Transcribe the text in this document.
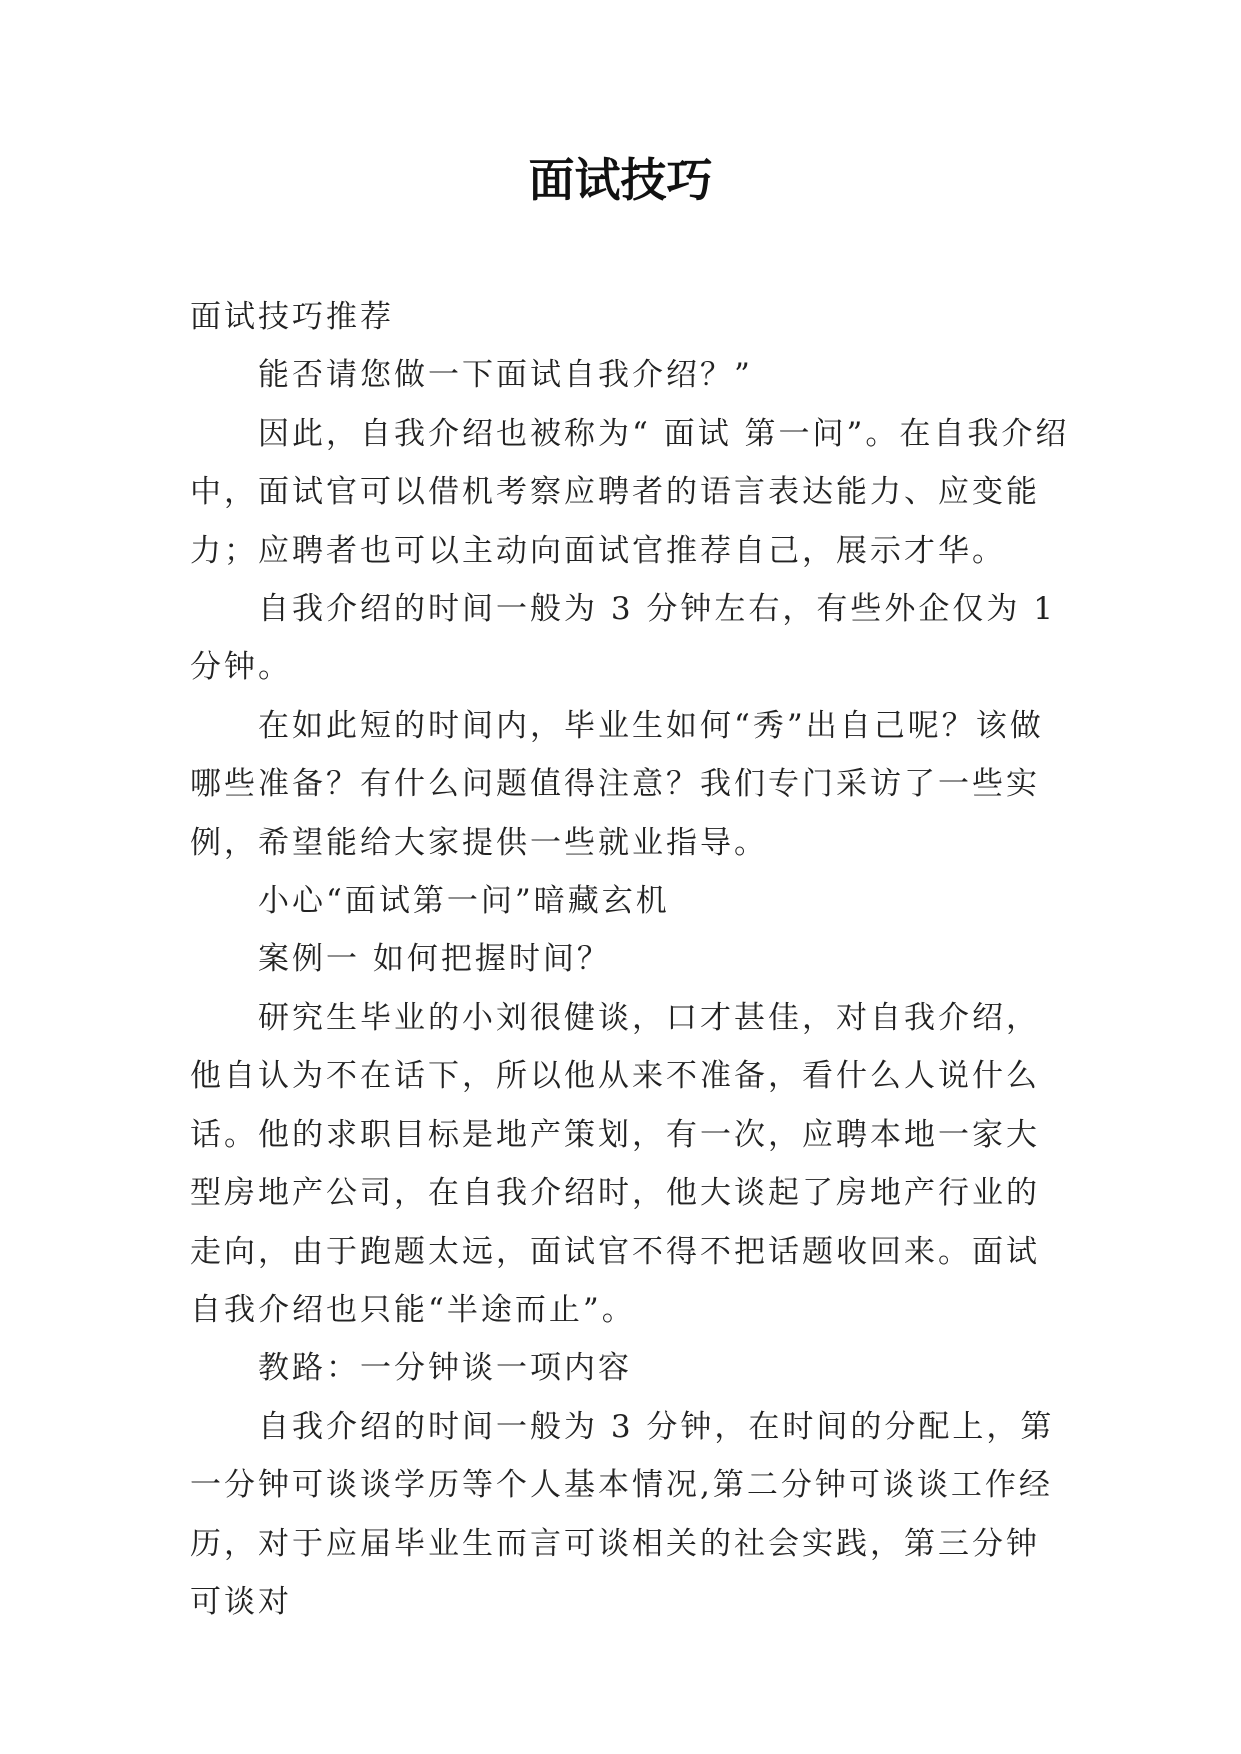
面试技巧

面试技巧推荐

能否请您做一下面试自我介绍？”

因此，自我介绍也被称为“ 面试 第一问”。在自我介绍中，面试官可以借机考察应聘者的语言表达能力、应变能力；应聘者也可以主动向面试官推荐自己，展示才华。

自我介绍的时间一般为 3 分钟左右，有些外企仅为 1 分钟。

在如此短的时间内，毕业生如何“秀”出自己呢？该做哪些准备？有什么问题值得注意？我们专门采访了一些实例，希望能给大家提供一些就业指导。

小心“面试第一问”暗藏玄机

案例一 如何把握时间？

研究生毕业的小刘很健谈，口才甚佳，对自我介绍，他自认为不在话下，所以他从来不准备，看什么人说什么话。他的求职目标是地产策划，有一次，应聘本地一家大型房地产公司，在自我介绍时，他大谈起了房地产行业的走向，由于跑题太远，面试官不得不把话题收回来。面试自我介绍也只能“半途而止”。

教路：一分钟谈一项内容

自我介绍的时间一般为 3 分钟，在时间的分配上，第一分钟可谈谈学历等个人基本情况,第二分钟可谈谈工作经历，对于应届毕业生而言可谈相关的社会实践，第三分钟可谈对
